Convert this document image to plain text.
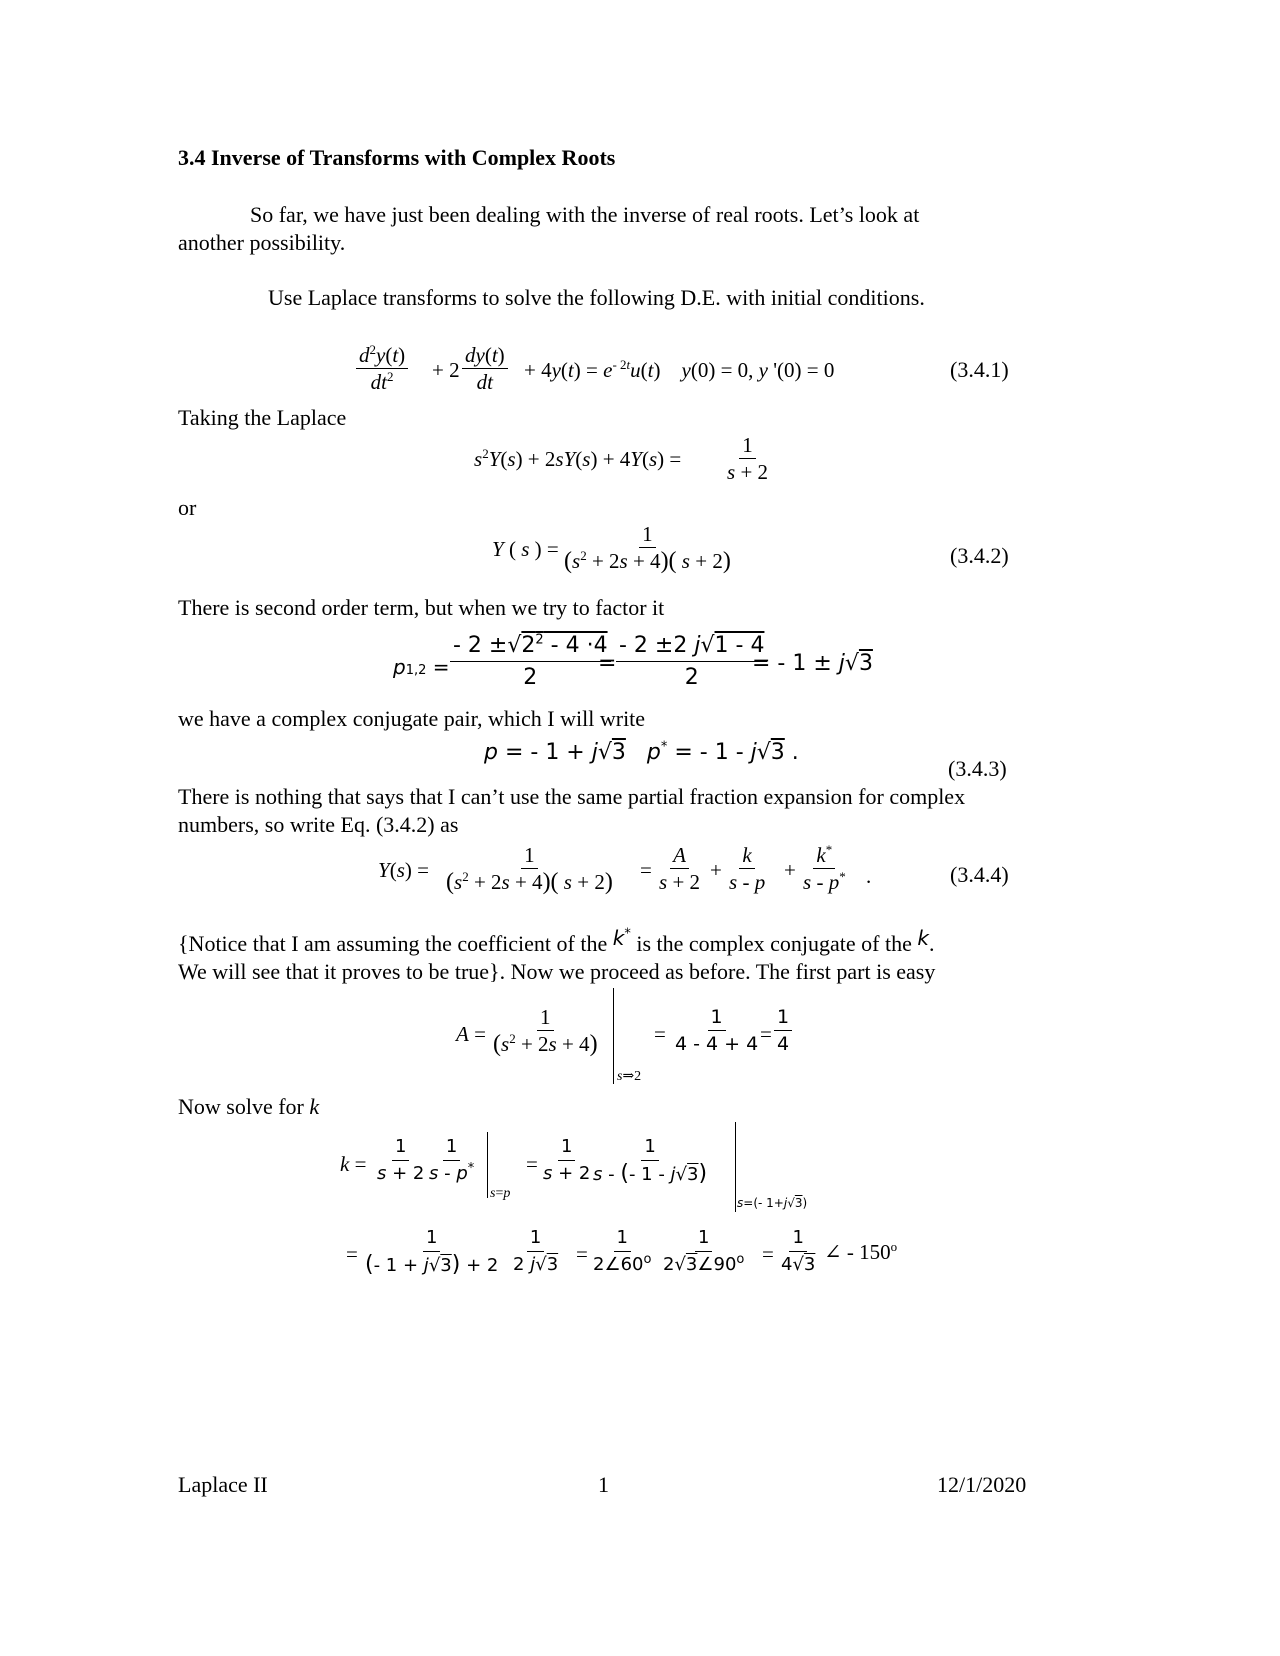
3.4 Inverse of Transforms with Complex Roots
So far, we have just been dealing with the inverse of real roots. Let’s look at
another possibility.
Use Laplace transforms to solve the following D.E. with initial conditions.
$\frac{d^2y(t)}{dt^2} + 2 \frac{dy(t)}{dt} + 4y(t) = e^{- 2t}u(t)$    y(0) = 0, y '(0) = 0	(3.4.1)
Taking the Laplace
$s^2Y(s) + 2sY(s) + 4Y(s) = \frac{1}{s + 2}$
or
Y ( s ) = $\frac{1}{(s^2 + 2s + 4)( s + 2)}$	(3.4.2)
There is second order term, but when we try to factor it
$p1,2 = \frac{- 2 \pm√2^2 - 4 \cdot 4}{2}$
= $\frac{- 2 \pm 2 j√1 - 4}{2}$
= - 1 ± j√3
we have a complex conjugate pair, which I will write
p = - 1 + j√3 p* = - 1 - j√3 .
(3.4.3)
There is nothing that says that I can’t use the same partial fraction expansion for complex
numbers, so write Eq. (3.4.2) as
$Y(s) = \frac{1}{(s^2 + 2s + 4)( s + 2)} = \frac{A}{s + 2} + \frac{k}{s - p} + \frac{k^*}{s - p^*}$ .	(3.4.4)
{Notice that I am assuming the coefficient of the k* is the complex conjugate of the k.
We will see that it proves to be true}. Now we proceed as before. The first part is easy
$A = \frac{1}{(s^2 + 2s + 4)}$
s⇒2
= $\frac{1}{4 - 4 + 4}$
= $\frac{1}{4}$
Now solve for k
$k = \frac{1}{s + 2}$
$\frac{1}{s - p^*}$
s=p
= $\frac{1}{s + 2}$
$\frac{1}{s - (- 1 - j√3)}$
s=(- 1+j√3)
= $\frac{1}{(- 1 + j√3) + 2} \frac{1}{2 j√3} = \frac{1}{2\angle 60^o} \frac{1}{2√3\angle 90^o} = \frac{1}{4√3}$ ∠ - 150$^o$
Laplace II	1	12/1/2020
